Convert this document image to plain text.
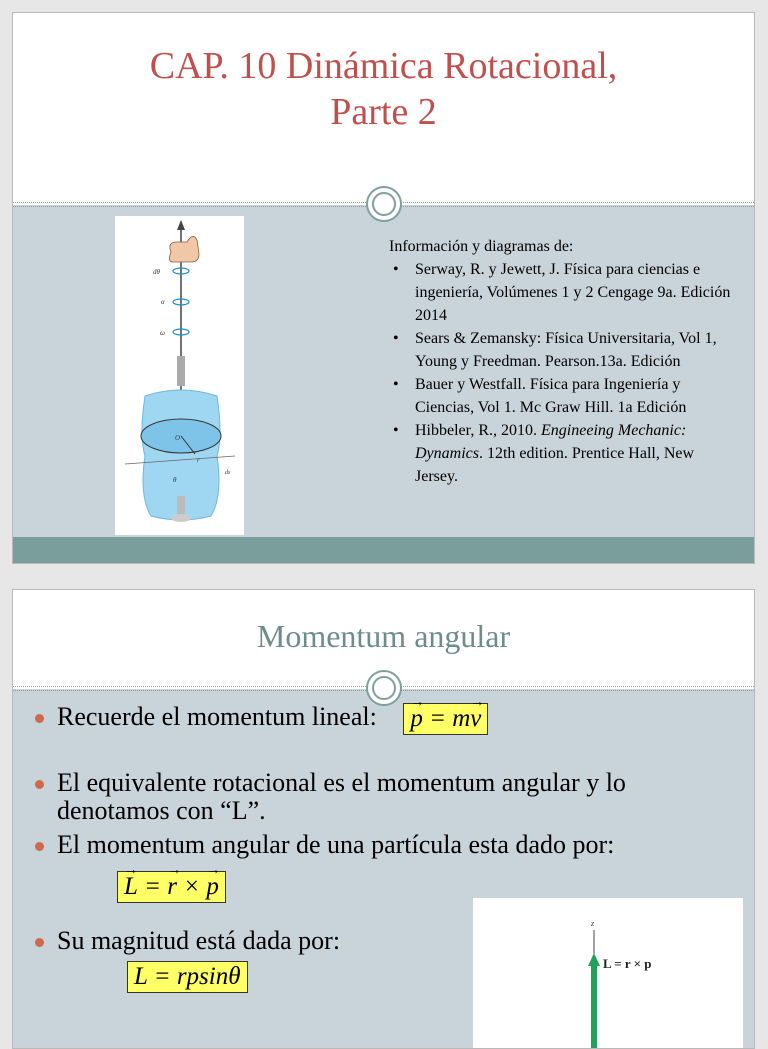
CAP. 10 Dinámica Rotacional,
Parte 2
dθ
α
ω
O
r
θ
ds
Información y diagramas de:
• Serway, R. y Jewett, J. Física para ciencias e ingeniería, Volúmenes 1 y 2 Cengage 9a. Edición 2014
• Sears & Zemansky: Física Universitaria, Vol 1, Young y Freedman. Pearson.13a. Edición
• Bauer y Westfall. Física para Ingeniería y Ciencias, Vol 1. Mc Graw Hill. 1a Edición
• Hibbeler, R., 2010. Engineeing Mechanic: Dynamics. 12th edition. Prentice Hall, New Jersey.
Momentum angular
Recuerde el momentum lineal: → p = m→ v
El equivalente rotacional es el momentum angular y lo denotamos con “L”.
El momentum angular de una partícula esta dado por:
→ L = → r × → p
Su magnitud está dada por:
L = rpsinθ
z
L = r × p
